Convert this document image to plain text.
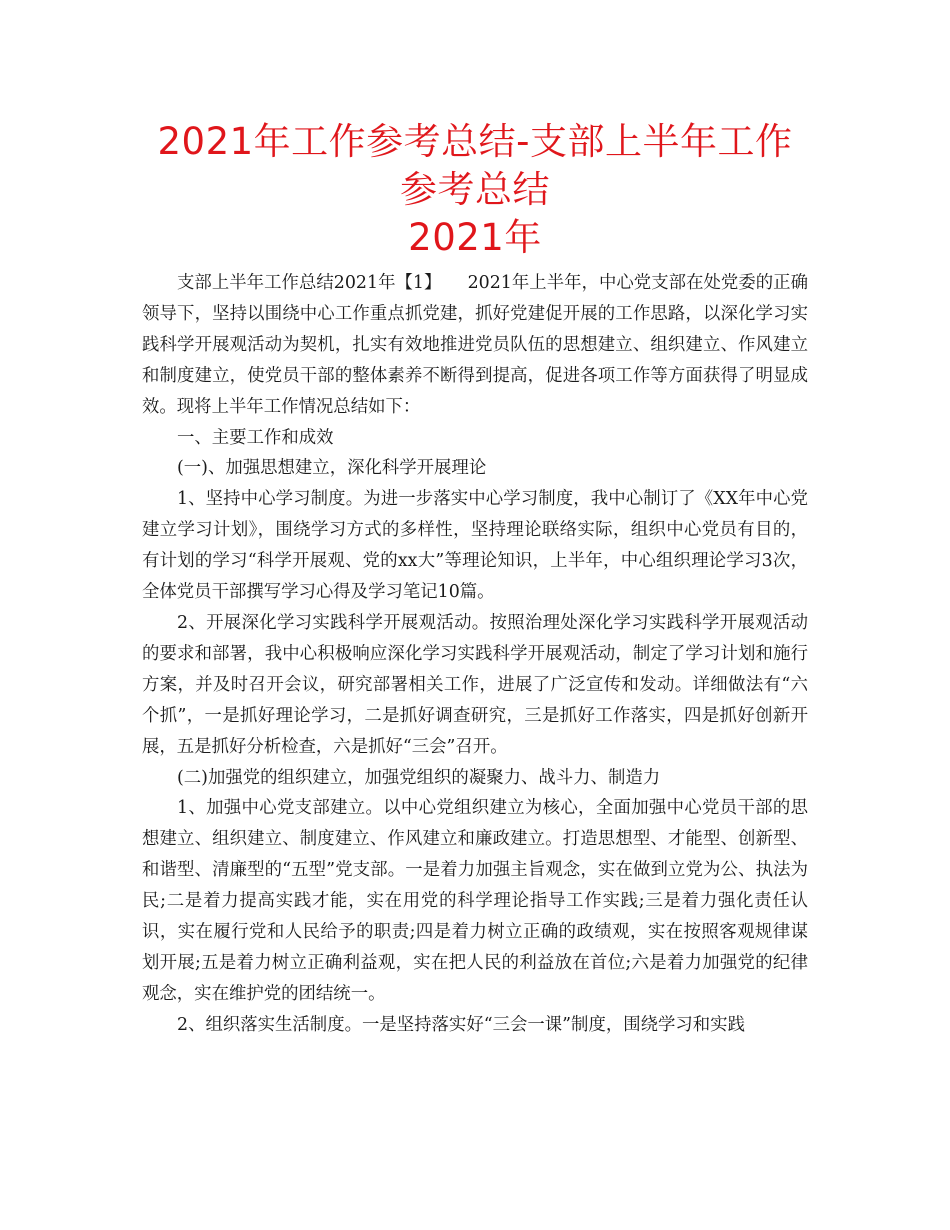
2021年工作参考总结-支部上半年工作参考总结
2021年

支部上半年工作总结2021年【1】　　2021年上半年，中心党支部在处党委的正确领导下，坚持以围绕中心工作重点抓党建，抓好党建促开展的工作思路，以深化学习实践科学开展观活动为契机，扎实有效地推进党员队伍的思想建立、组织建立、作风建立和制度建立，使党员干部的整体素养不断得到提高，促进各项工作等方面获得了明显成效。现将上半年工作情况总结如下：

一、主要工作和成效

(一)、加强思想建立，深化科学开展理论

1、坚持中心学习制度。为进一步落实中心学习制度，我中心制订了《XX年中心党建立学习计划》，围绕学习方式的多样性，坚持理论联络实际，组织中心党员有目的，有计划的学习“科学开展观、党的xx大”等理论知识，上半年，中心组织理论学习3次，全体党员干部撰写学习心得及学习笔记10篇。

2、开展深化学习实践科学开展观活动。按照治理处深化学习实践科学开展观活动的要求和部署，我中心积极响应深化学习实践科学开展观活动，制定了学习计划和施行方案，并及时召开会议，研究部署相关工作，进展了广泛宣传和发动。详细做法有“六个抓”，一是抓好理论学习，二是抓好调查研究，三是抓好工作落实，四是抓好创新开展，五是抓好分析检查，六是抓好“三会”召开。

(二)加强党的组织建立，加强党组织的凝聚力、战斗力、制造力

1、加强中心党支部建立。以中心党组织建立为核心，全面加强中心党员干部的思想建立、组织建立、制度建立、作风建立和廉政建立。打造思想型、才能型、创新型、和谐型、清廉型的“五型”党支部。一是着力加强主旨观念，实在做到立党为公、执法为民;二是着力提高实践才能，实在用党的科学理论指导工作实践;三是着力强化责任认识，实在履行党和人民给予的职责;四是着力树立正确的政绩观，实在按照客观规律谋划开展;五是着力树立正确利益观，实在把人民的利益放在首位;六是着力加强党的纪律观念，实在维护党的团结统一。

2、组织落实生活制度。一是坚持落实好“三会一课”制度，围绕学习和实践
